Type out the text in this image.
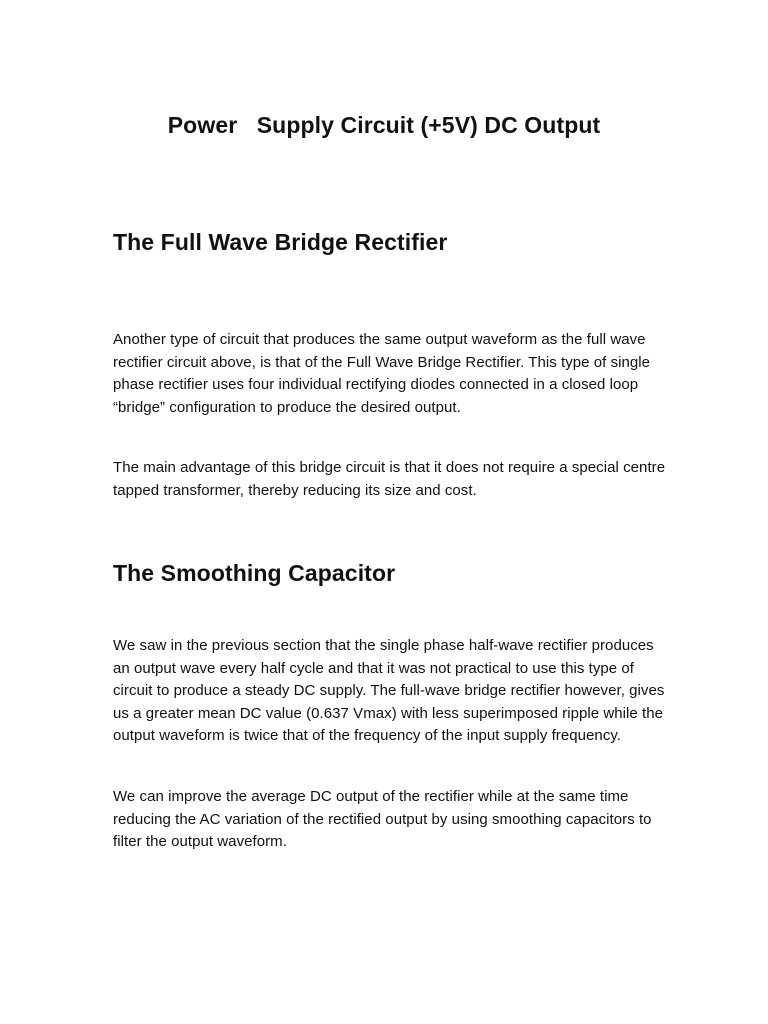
Power   Supply Circuit (+5V) DC Output
The Full Wave Bridge Rectifier

Another type of circuit that produces the same output waveform as the full wave rectifier circuit above, is that of the Full Wave Bridge Rectifier. This type of single phase rectifier uses four individual rectifying diodes connected in a closed loop “bridge” configuration to produce the desired output.

The main advantage of this bridge circuit is that it does not require a special centre tapped transformer, thereby reducing its size and cost.

The Smoothing Capacitor

We saw in the previous section that the single phase half-wave rectifier produces an output wave every half cycle and that it was not practical to use this type of circuit to produce a steady DC supply. The full-wave bridge rectifier however, gives us a greater mean DC value (0.637 Vmax) with less superimposed ripple while the output waveform is twice that of the frequency of the input supply frequency.

We can improve the average DC output of the rectifier while at the same time reducing the AC variation of the rectified output by using smoothing capacitors to filter the output waveform.
